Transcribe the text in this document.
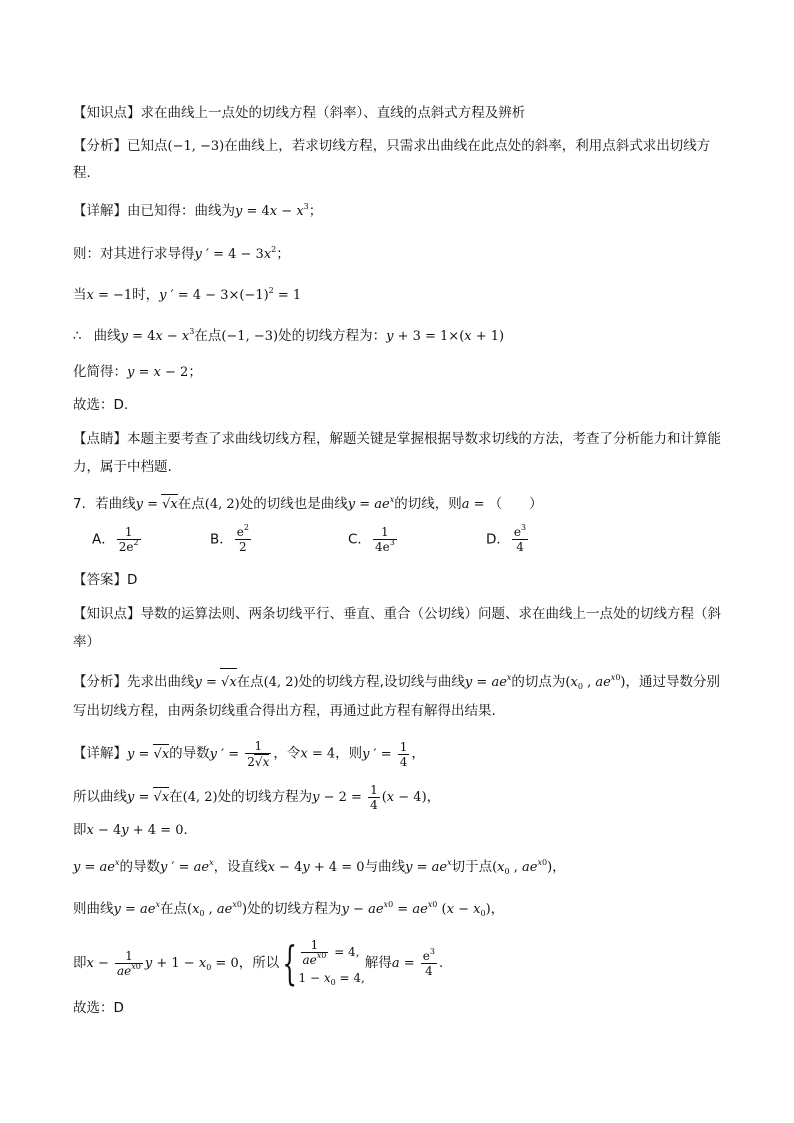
【知识点】求在曲线上一点处的切线方程（斜率）、直线的点斜式方程及辨析
【分析】已知点(−1, −3)在曲线上，若求切线方程，只需求出曲线在此点处的斜率，利用点斜式求出切线方程．
【详解】由已知得：曲线为$y = 4x - x^3$；
则：对其进行求导得y ′ = $4 - 3x^2$；
当x = −1时，y ′ = $4 - 3\times(-1)^2 = 1$
∴ 曲线$y = 4x - x^3$在点(−1, −3)处的切线方程为：y + 3 = 1×(x + 1)
化简得：y = x − 2；
故选：D.
【点睛】本题主要考查了求曲线切线方程，解题关键是掌握根据导数求切线的方法，考查了分析能力和计算能力，属于中档题.
7．若曲线y = √x在点(4, 2)处的切线也是曲线$y = ae^x$的切线，则a = （　　）
A． $\frac{1}{2e^2}$	B． $\frac{e^2}{2}$	C． $\frac{1}{4e^3}$	D． $\frac{e^3}{4}$
【答案】D
【知识点】导数的运算法则、两条切线平行、垂直、重合（公切线）问题、求在曲线上一点处的切线方程（斜率）
【分析】先求出曲线y = √x在点(4, 2)处的切线方程,设切线与曲线$y = ae^x$的切点为($x_0$ , $ae^{x0}$)，通过导数分别写出切线方程，由两条切线重合得出方程，再通过此方程有解得出结果.
【详解】y = √x的导数y ′ = $\frac{1}{2√x}$ ，令x = 4，则y ′ = $\frac{1}{4}$ ，
所以曲线y = √x在(4, 2)处的切线方程为$y - 2 = \frac{1}{4} (x - 4)$，
即x − 4y + 4 = 0.
$y = ae^x$的导数y ′ = $ae^x$，设直线x − 4y + 4 = 0与曲线$y = ae^x$切于点($x_0$ , $ae^{x0}$)，
则曲线$y = ae^x$在点($x_0$ , $ae^{x0}$)处的切线方程为$y - ae^{x0} = ae^{x0}$ $(x - x_0)$，
即$x - \frac{1}{ae^{x0}}$ $y + 1 - x_0 = 0$，所以{ $\frac{1}{ae^{x0}} = 4$,
$1 - x_0 = 4$,
解得$a = \frac{e^3}{4}$ .
故选：D
